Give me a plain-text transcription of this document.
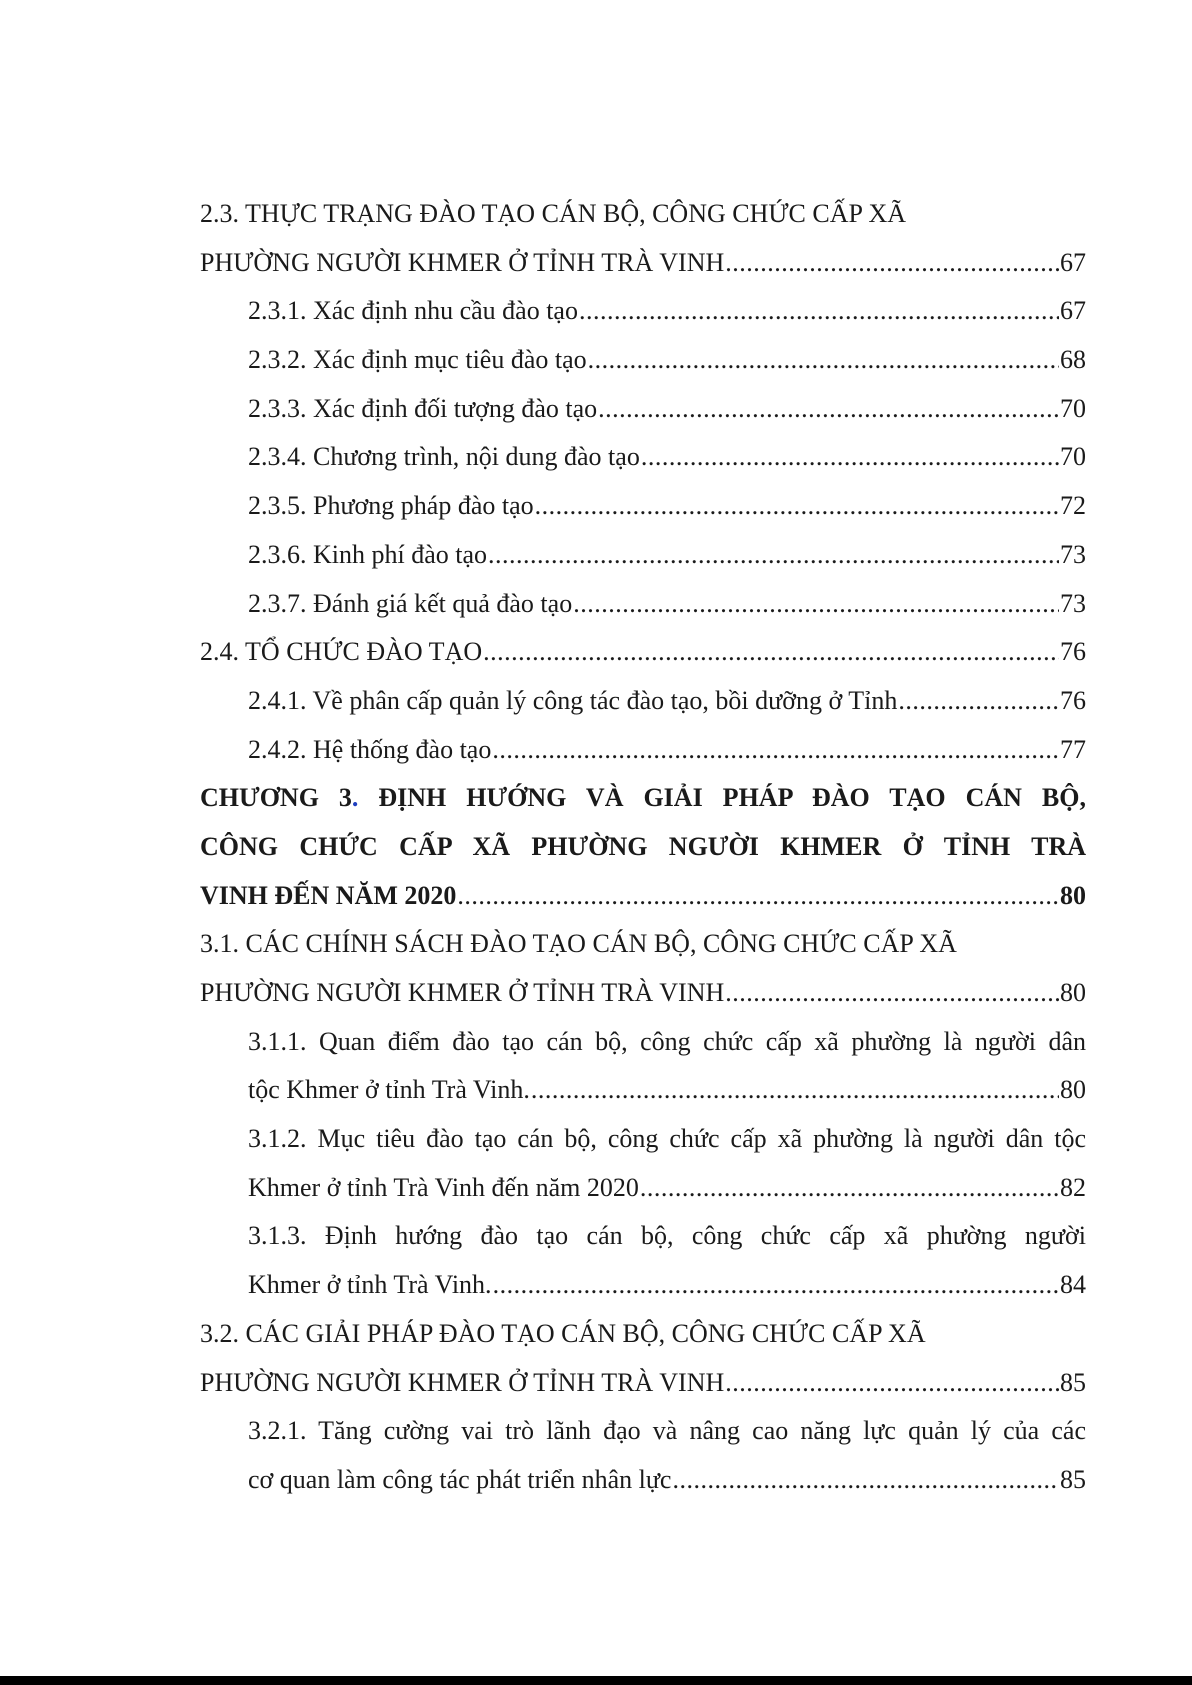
2.3. THỰC TRẠNG ĐÀO TẠO CÁN BỘ, CÔNG CHỨC CẤP XÃ
PHƯỜNG NGƯỜI KHMER Ở TỈNH TRÀ VINH .....	67
2.3.1. Xác định nhu cầu đào tạo .....	67
2.3.2. Xác định mục tiêu đào tạo .....	68
2.3.3. Xác định đối tượng đào tạo .....	70
2.3.4. Chương trình, nội dung đào tạo .....	70
2.3.5. Phương pháp đào tạo .....	72
2.3.6. Kinh phí đào tạo .....	73
2.3.7. Đánh giá kết quả đào tạo .....	73
2.4. TỔ CHỨC ĐÀO TẠO .....	76
2.4.1. Về phân cấp quản lý công tác đào tạo, bồi dưỡng ở Tỉnh .....	76
2.4.2. Hệ thống đào tạo .....	77
CHƯƠNG 3. ĐỊNH HƯỚNG VÀ GIẢI PHÁP ĐÀO TẠO CÁN BỘ,
CÔNG CHỨC CẤP XÃ PHƯỜNG NGƯỜI KHMER Ở TỈNH TRÀ
VINH ĐẾN NĂM 2020 .....	80
3.1. CÁC CHÍNH SÁCH ĐÀO TẠO CÁN BỘ, CÔNG CHỨC CẤP XÃ
PHƯỜNG NGƯỜI KHMER Ở TỈNH TRÀ VINH .....	80
3.1.1. Quan điểm đào tạo cán bộ, công chức cấp xã phường là người dân
tộc Khmer ở tỉnh Trà Vinh. .....	80
3.1.2. Mục tiêu đào tạo cán bộ, công chức cấp xã phường là người dân tộc
Khmer ở tỉnh Trà Vinh đến năm 2020 .....	82
3.1.3. Định hướng đào tạo cán bộ, công chức cấp xã phường người
Khmer ở tỉnh Trà Vinh. .....	84
3.2. CÁC GIẢI PHÁP ĐÀO TẠO CÁN BỘ, CÔNG CHỨC CẤP XÃ
PHƯỜNG NGƯỜI KHMER Ở TỈNH TRÀ VINH .....	85
3.2.1. Tăng cường vai trò lãnh đạo và nâng cao năng lực quản lý của các
cơ quan làm công tác phát triển nhân lực .....	85
